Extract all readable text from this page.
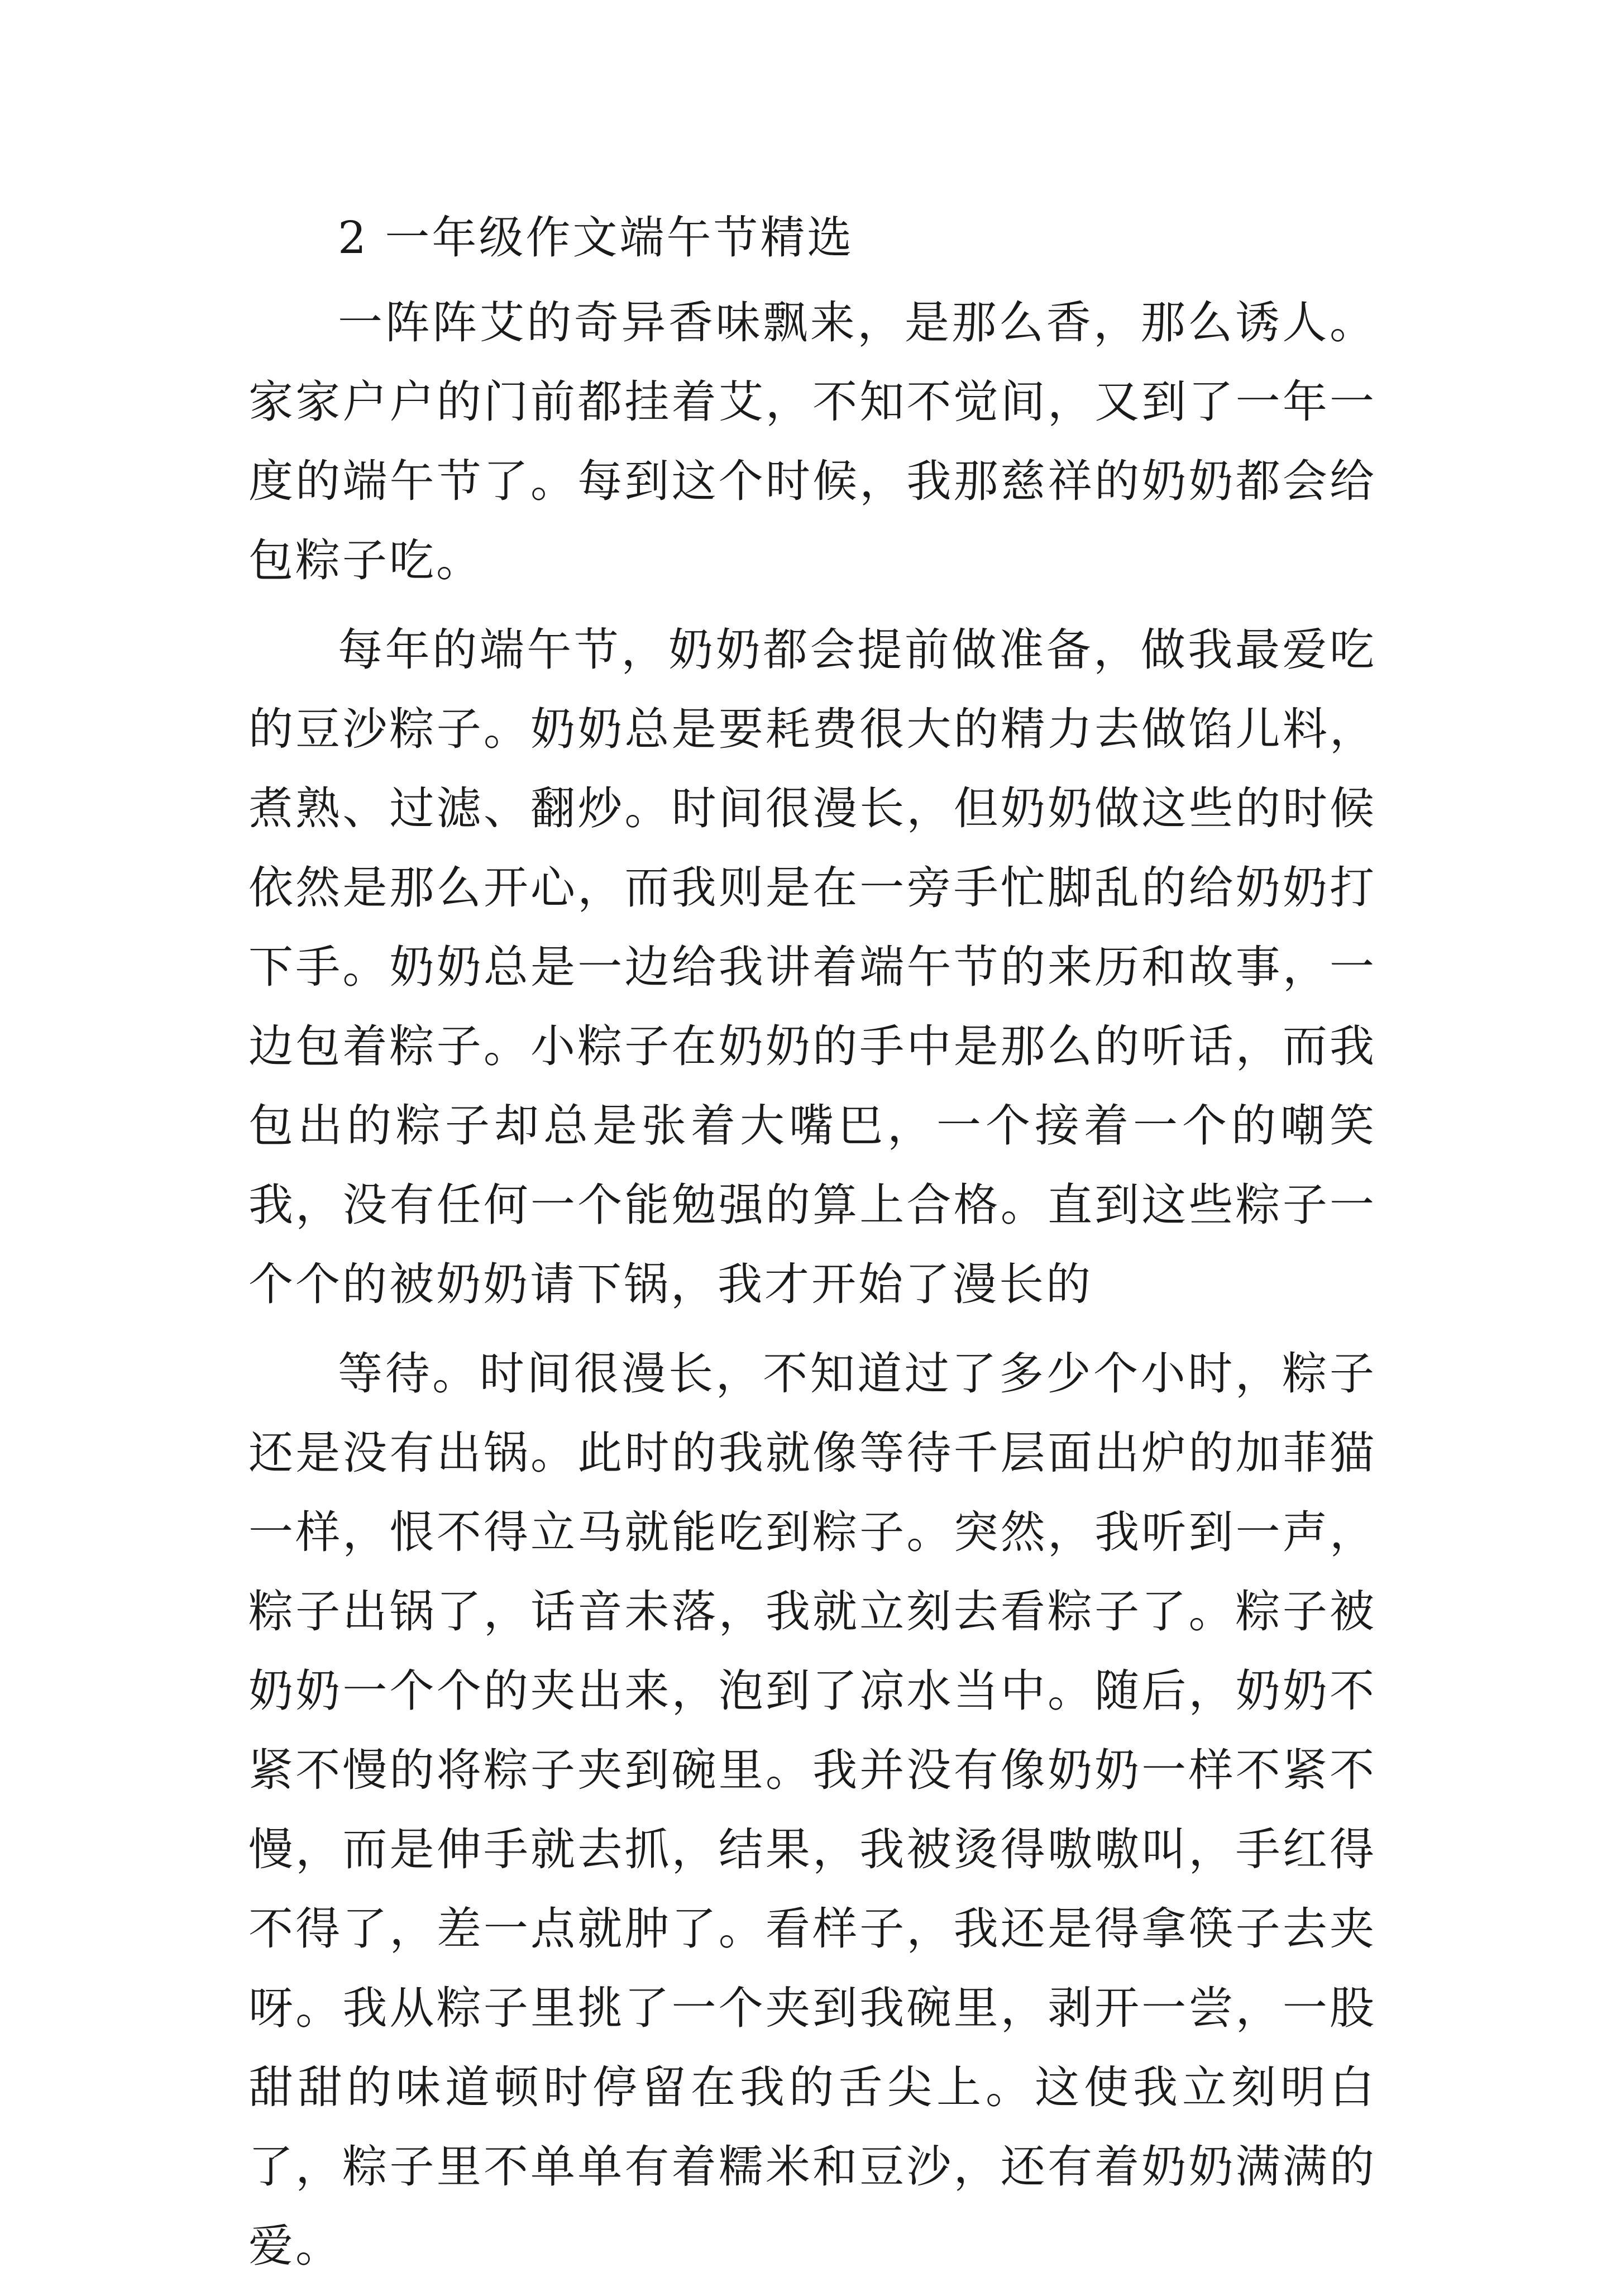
2 一年级作文端午节精选

一阵阵艾的奇异香味飘来，是那么香，那么诱人。家家户户的门前都挂着艾，不知不觉间，又到了一年一度的端午节了。每到这个时候，我那慈祥的奶奶都会给包粽子吃。

每年的端午节，奶奶都会提前做准备，做我最爱吃的豆沙粽子。奶奶总是要耗费很大的精力去做馅儿料，煮熟、过滤、翻炒。时间很漫长，但奶奶做这些的时候依然是那么开心，而我则是在一旁手忙脚乱的给奶奶打下手。奶奶总是一边给我讲着端午节的来历和故事，一边包着粽子。小粽子在奶奶的手中是那么的听话，而我包出的粽子却总是张着大嘴巴，一个接着一个的嘲笑我，没有任何一个能勉强的算上合格。直到这些粽子一个个的被奶奶请下锅，我才开始了漫长的

等待。时间很漫长，不知道过了多少个小时，粽子还是没有出锅。此时的我就像等待千层面出炉的加菲猫一样，恨不得立马就能吃到粽子。突然，我听到一声，粽子出锅了，话音未落，我就立刻去看粽子了。粽子被奶奶一个个的夹出来，泡到了凉水当中。随后，奶奶不紧不慢的将粽子夹到碗里。我并没有像奶奶一样不紧不慢，而是伸手就去抓，结果，我被烫得嗷嗷叫，手红得不得了，差一点就肿了。看样子，我还是得拿筷子去夹呀。我从粽子里挑了一个夹到我碗里，剥开一尝，一股甜甜的味道顿时停留在我的舌尖上。这使我立刻明白了，粽子里不单单有着糯米和豆沙，还有着奶奶满满的爱。
